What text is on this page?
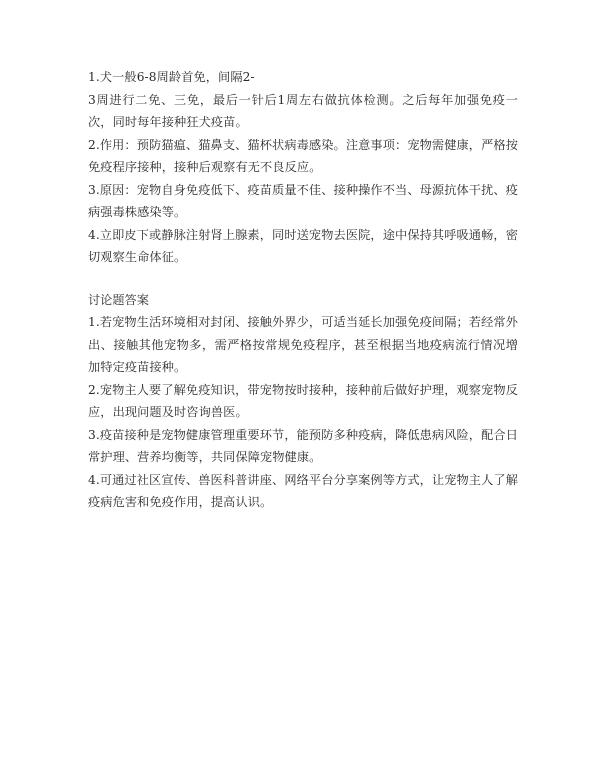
1.犬一般6-8周龄首免，间隔2-

3周进行二免、三免，最后一针后1周左右做抗体检测。之后每年加强免疫一次，同时每年接种狂犬疫苗。

2.作用：预防猫瘟、猫鼻支、猫杯状病毒感染。注意事项：宠物需健康，严格按免疫程序接种，接种后观察有无不良反应。

3.原因：宠物自身免疫低下、疫苗质量不佳、接种操作不当、母源抗体干扰、疫病强毒株感染等。

4.立即皮下或静脉注射肾上腺素，同时送宠物去医院，途中保持其呼吸通畅，密切观察生命体征。

讨论题答案

1.若宠物生活环境相对封闭、接触外界少，可适当延长加强免疫间隔；若经常外出、接触其他宠物多，需严格按常规免疫程序，甚至根据当地疫病流行情况增加特定疫苗接种。

2.宠物主人要了解免疫知识，带宠物按时接种，接种前后做好护理，观察宠物反应，出现问题及时咨询兽医。

3.疫苗接种是宠物健康管理重要环节，能预防多种疫病，降低患病风险，配合日常护理、营养均衡等，共同保障宠物健康。

4.可通过社区宣传、兽医科普讲座、网络平台分享案例等方式，让宠物主人了解疫病危害和免疫作用，提高认识。
